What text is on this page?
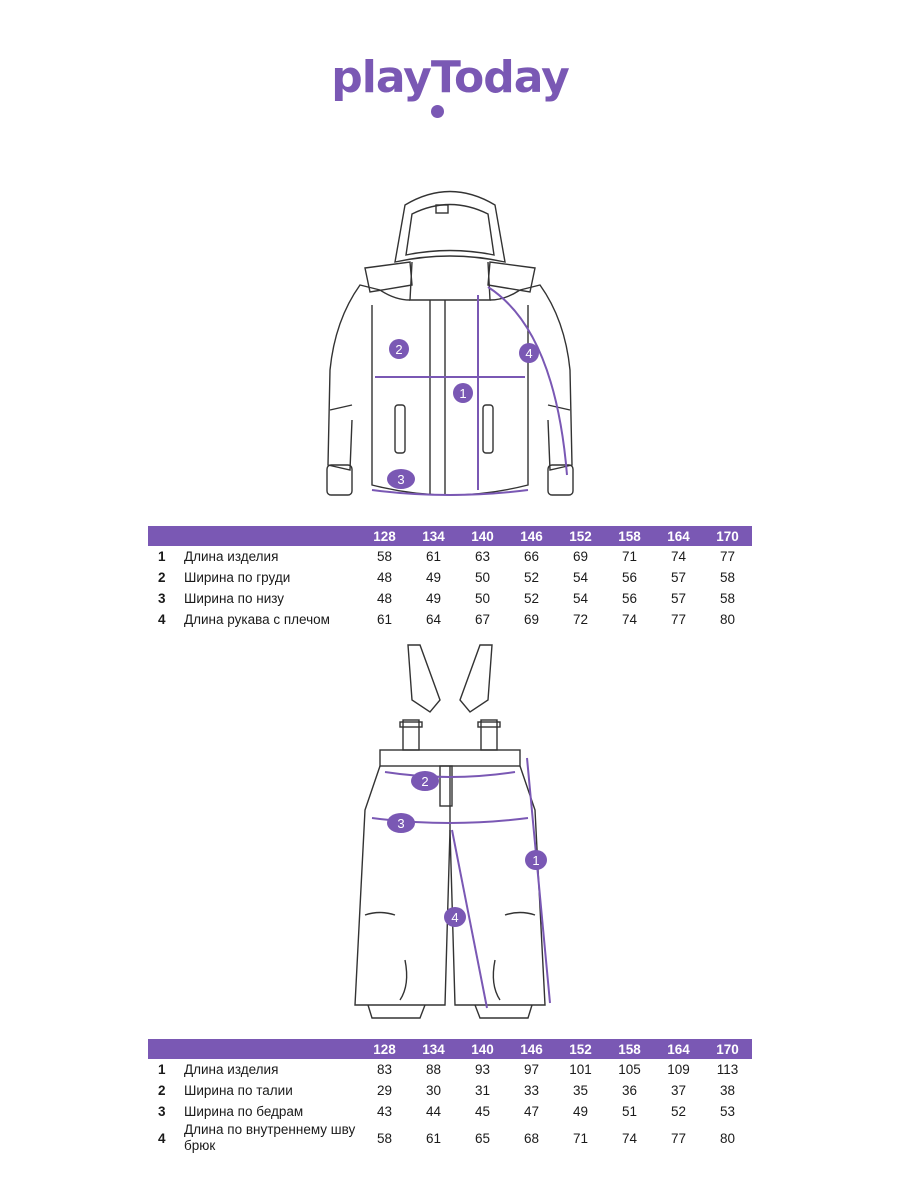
playToday
1
2
3
4
		128	134	140	146	152	158	164	170
1	Длина изделия	58	61	63	66	69	71	74	77
2	Ширина по груди	48	49	50	52	54	56	57	58
3	Ширина по низу	48	49	50	52	54	56	57	58
4	Длина рукава с плечом	61	64	67	69	72	74	77	80
1
2
3
4
		128	134	140	146	152	158	164	170
1	Длина изделия	83	88	93	97	101	105	109	113
2	Ширина по талии	29	30	31	33	35	36	37	38
3	Ширина по бедрам	43	44	45	47	49	51	52	53
4	Длина по внутреннему шву брюк	58	61	65	68	71	74	77	80
